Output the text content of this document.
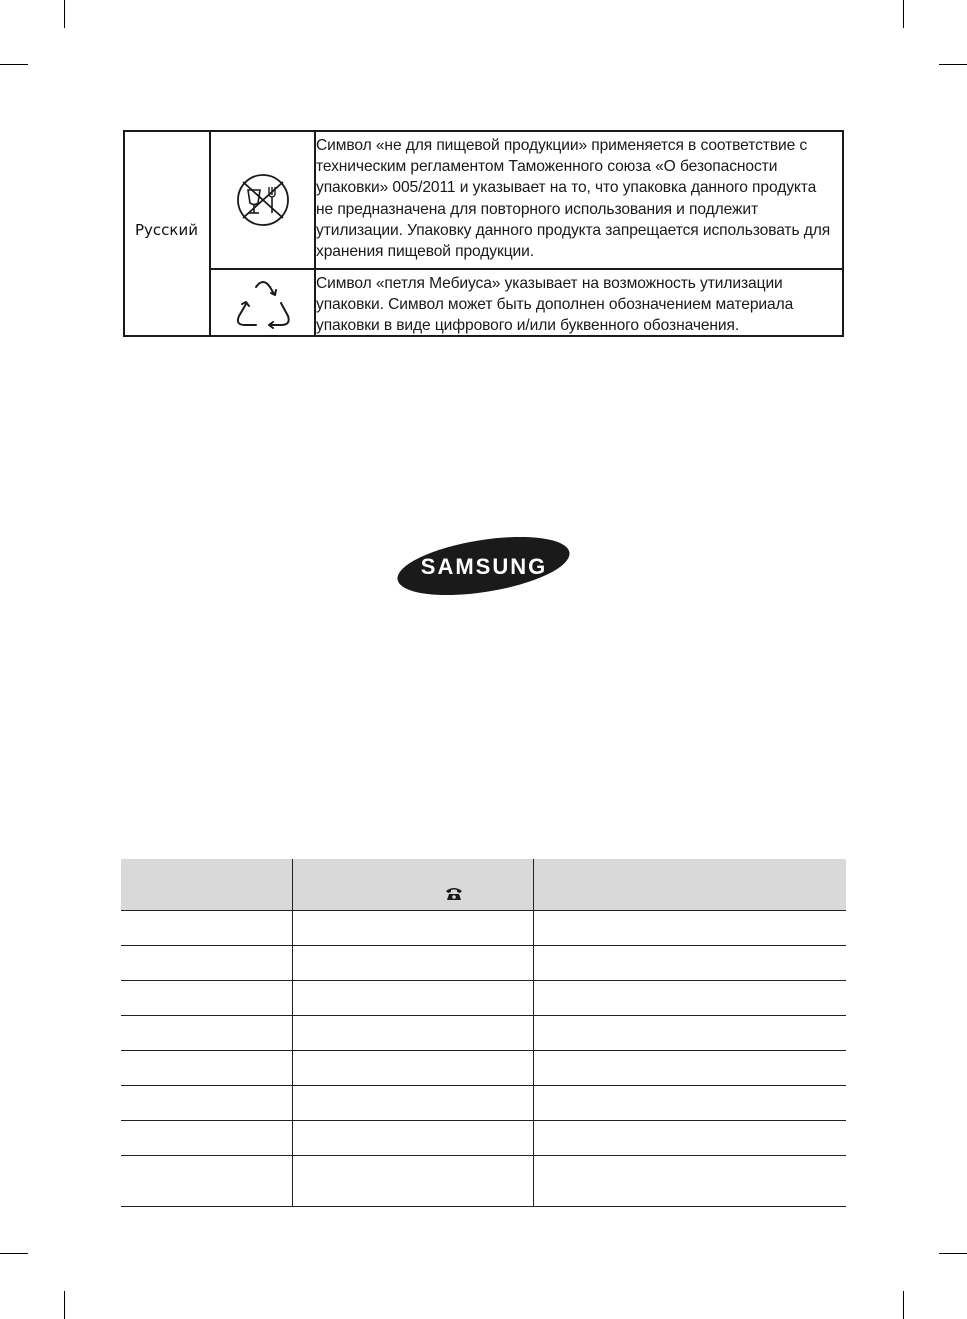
Русский
Символ «не для пищевой продукции» применяется в соответствие с техническим регламентом Таможенного союза «О безопасности упаковки» 005/2011 и указывает на то, что упаковка данного продукта не предназначена для повторного использования и подлежит утилизации. Упаковку данного продукта запрещается использовать для хранения пищевой продукции.
Символ «петля Мебиуса» указывает на возможность утилизации упаковки. Символ может быть дополнен обозначением материала упаковки в виде цифрового и/или буквенного обозначения.
SAMSUNG
